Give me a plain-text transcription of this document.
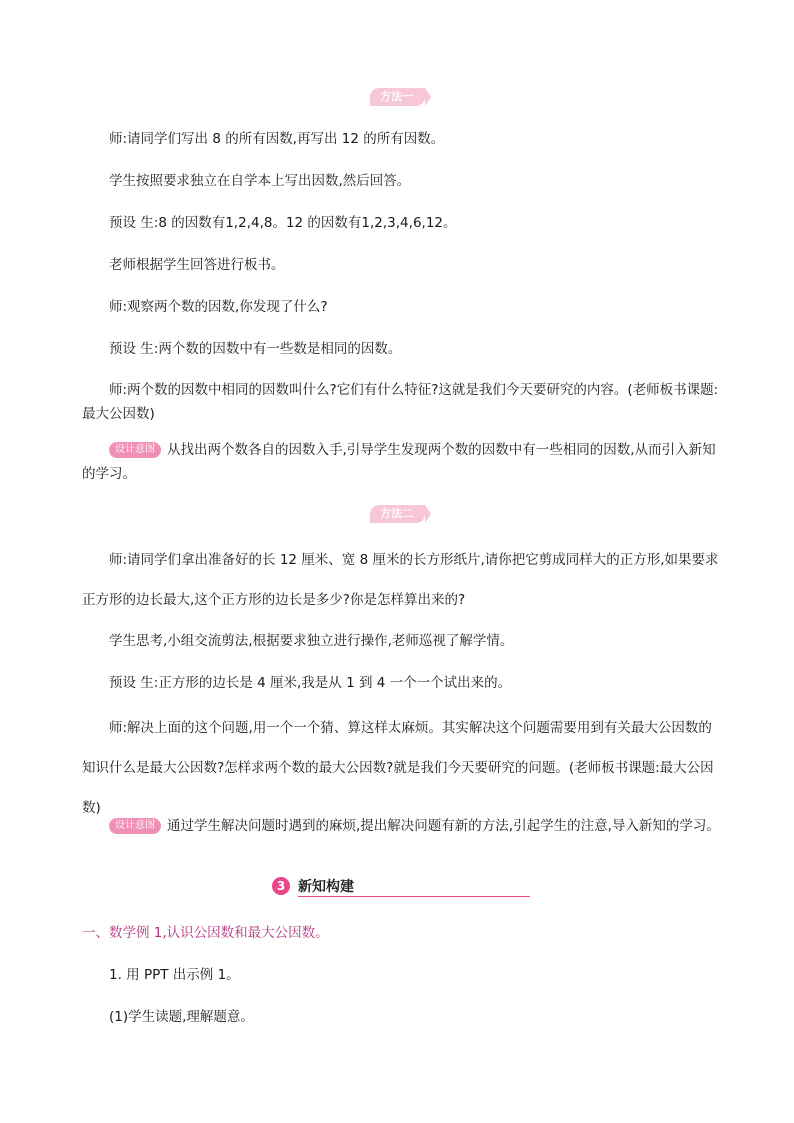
方法一
师:请同学们写出 8 的所有因数,再写出 12 的所有因数。
学生按照要求独立在自学本上写出因数,然后回答。
预设 生:8 的因数有1,2,4,8。12 的因数有1,2,3,4,6,12。
老师根据学生回答进行板书。
师:观察两个数的因数,你发现了什么?
预设 生:两个数的因数中有一些数是相同的因数。
师:两个数的因数中相同的因数叫什么?它们有什么特征?这就是我们今天要研究的内容。(老师板书课题:最大公因数)
设计意图 从找出两个数各自的因数入手,引导学生发现两个数的因数中有一些相同的因数,从而引入新知的学习。
方法二
师:请同学们拿出准备好的长 12 厘米、宽 8 厘米的长方形纸片,请你把它剪成同样大的正方形,如果要求正方形的边长最大,这个正方形的边长是多少?你是怎样算出来的?
学生思考,小组交流剪法,根据要求独立进行操作,老师巡视了解学情。
预设 生:正方形的边长是 4 厘米,我是从 1 到 4 一个一个试出来的。
师:解决上面的这个问题,用一个一个猜、算这样太麻烦。其实解决这个问题需要用到有关最大公因数的知识什么是最大公因数?怎样求两个数的最大公因数?就是我们今天要研究的问题。(老师板书课题:最大公因数)
设计意图 通过学生解决问题时遇到的麻烦,提出解决问题有新的方法,引起学生的注意,导入新知的学习。
3 新知构建
一、数学例 1,认识公因数和最大公因数。
1. 用 PPT 出示例 1。
(1)学生读题,理解题意。
